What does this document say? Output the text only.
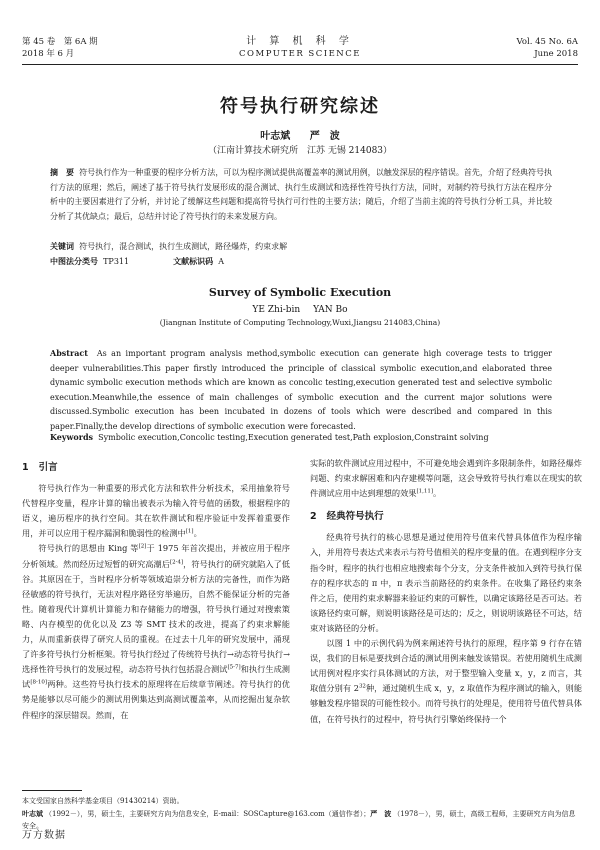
第 45 卷　第 6A 期
2018 年 6 月
计 算 机 科 学
COMPUTER SCIENCE
Vol. 45 No. 6A
June 2018
符号执行研究综述
叶志斌 严　波
（江南计算技术研究所　江苏 无锡 214083）
摘　要 符号执行作为一种重要的程序分析方法，可以为程序测试提供高覆盖率的测试用例，以触发深层的程序错误。首先，介绍了经典符号执行方法的原理；然后，阐述了基于符号执行发展形成的混合测试、执行生成测试和选择性符号执行方法，同时，对制约符号执行方法在程序分析中的主要因素进行了分析，并讨论了缓解这些问题和提高符号执行可行性的主要方法；随后，介绍了当前主流的符号执行分析工具，并比较分析了其优缺点；最后，总结并讨论了符号执行的未来发展方向。
关键词 符号执行，混合测试，执行生成测试，路径爆炸，约束求解
中图法分类号 TP311	文献标识码 A
Survey of Symbolic Execution
YE Zhi-bin YAN Bo
(Jiangnan Institute of Computing Technology,Wuxi,Jiangsu 214083,China)
Abstract As an important program analysis method,symbolic execution can generate high coverage tests to trigger deeper vulnerabilities.This paper firstly introduced the principle of classical symbolic execution,and elaborated three dynamic symbolic execution methods which are known as concolic testing,execution generated test and selective symbolic execution.Meanwhile,the essence of main challenges of symbolic execution and the current major solutions were discussed.Symbolic execution has been incubated in dozens of tools which were described and compared in this paper.Finally,the develop directions of symbolic execution were forecasted.
Keywords Symbolic execution,Concolic testing,Execution generated test,Path explosion,Constraint solving
1 引言

符号执行作为一种重要的形式化方法和软件分析技术，采用抽象符号代替程序变量，程序计算的输出被表示为输入符号值的函数，根据程序的语义，遍历程序的执行空间。其在软件测试和程序验证中发挥着重要作用，并可以应用于程序漏洞和脆弱性的检测中[1]。

符号执行的思想由 King 等[2]于 1975 年首次提出，并被应用于程序分析领域。然而经历过短暂的研究高潮后[2-4]，符号执行的研究就陷入了低谷。其原因在于，当时程序分析等领域追崇分析方法的完备性，而作为路径敏感的符号执行，无法对程序路径穷举遍历，自然不能保证分析的完备性。随着现代计算机计算能力和存储能力的增强，符号执行通过对搜索策略、内存模型的优化以及 Z3 等 SMT 技术的改进，提高了约束求解能力，从而重新获得了研究人员的重视。在过去十几年的研究发展中，涌现了许多符号执行分析框架。符号执行经过了传统符号执行→动态符号执行→选择性符号执行的发展过程，动态符号执行包括混合测试[5-7]和执行生成测试[8-10]两种。这些符号执行技术的原理将在后续章节阐述。符号执行的优势是能够以尽可能少的测试用例集达到高测试覆盖率，从而挖掘出复杂软件程序的深层错误。然而，在

实际的软件测试应用过程中，不可避免地会遇到许多限制条件，如路径爆炸问题、约束求解困难和内存建模等问题，这会导致符号执行难以在现实的软件测试应用中达到理想的效果[1,11]。

2 经典符号执行

经典符号执行的核心思想是通过使用符号值来代替具体值作为程序输入，并用符号表达式来表示与符号值相关的程序变量的值。在遇到程序分支指令时，程序的执行也相应地搜索每个分支，分支条件被加入到符号执行保存的程序状态的 π 中，π 表示当前路径的约束条件。在收集了路径约束条件之后，使用约束求解器来验证约束的可解性，以确定该路径是否可达。若该路径约束可解，则说明该路径是可达的；反之，则说明该路径不可达，结束对该路径的分析。

以图 1 中的示例代码为例来阐述符号执行的原理，程序第 9 行存在错误，我们的目标是要找到合适的测试用例来触发该错误。若使用随机生成测试用例对程序实行具体测试的方法，对于整型输入变量 x，y，z 而言，其取值分别有 $2^{32}$种，通过随机生成 x，y，z 取值作为程序测试的输入，则能够触发程序错误的可能性较小。而符号执行的处理是，使用符号值代替具体值，在符号执行的过程中，符号执行引擎始终保持一个

本文受国家自然科学基金项目（91430214）资助。
叶志斌 （1992－），男，硕士生，主要研究方向为信息安全，E-mail：SOSCapture@163.com（通信作者）；严　波 （1978－），男，硕士，高级工程师，主要研究方向为信息安全。
万方数据
